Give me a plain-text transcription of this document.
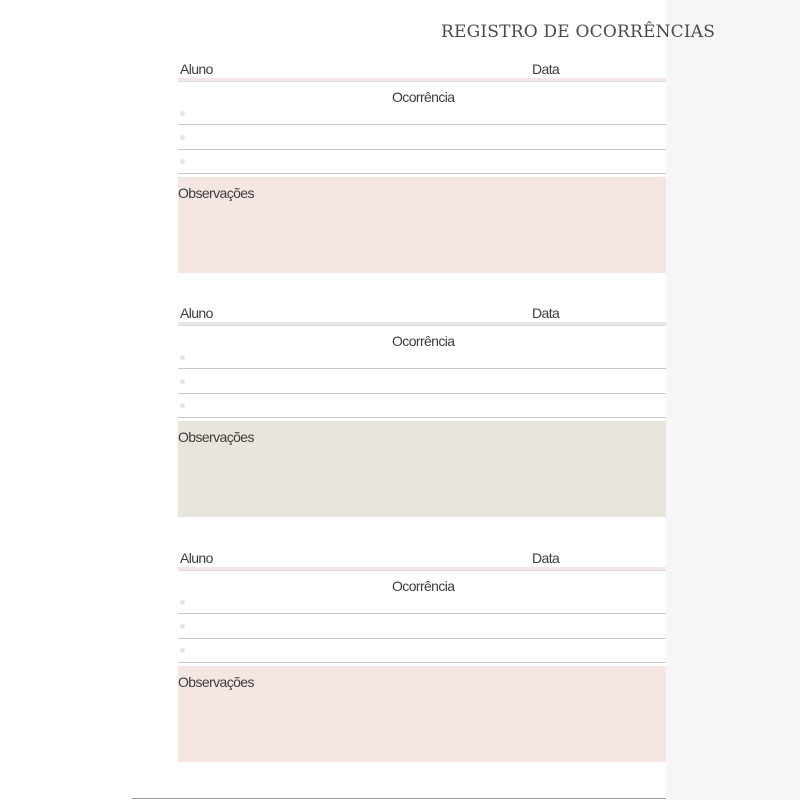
REGISTRO DE OCORRÊNCIAS
Aluno	Data
Ocorrência
Observações
Aluno	Data
Ocorrência
Observações
Aluno	Data
Ocorrência
Observações
